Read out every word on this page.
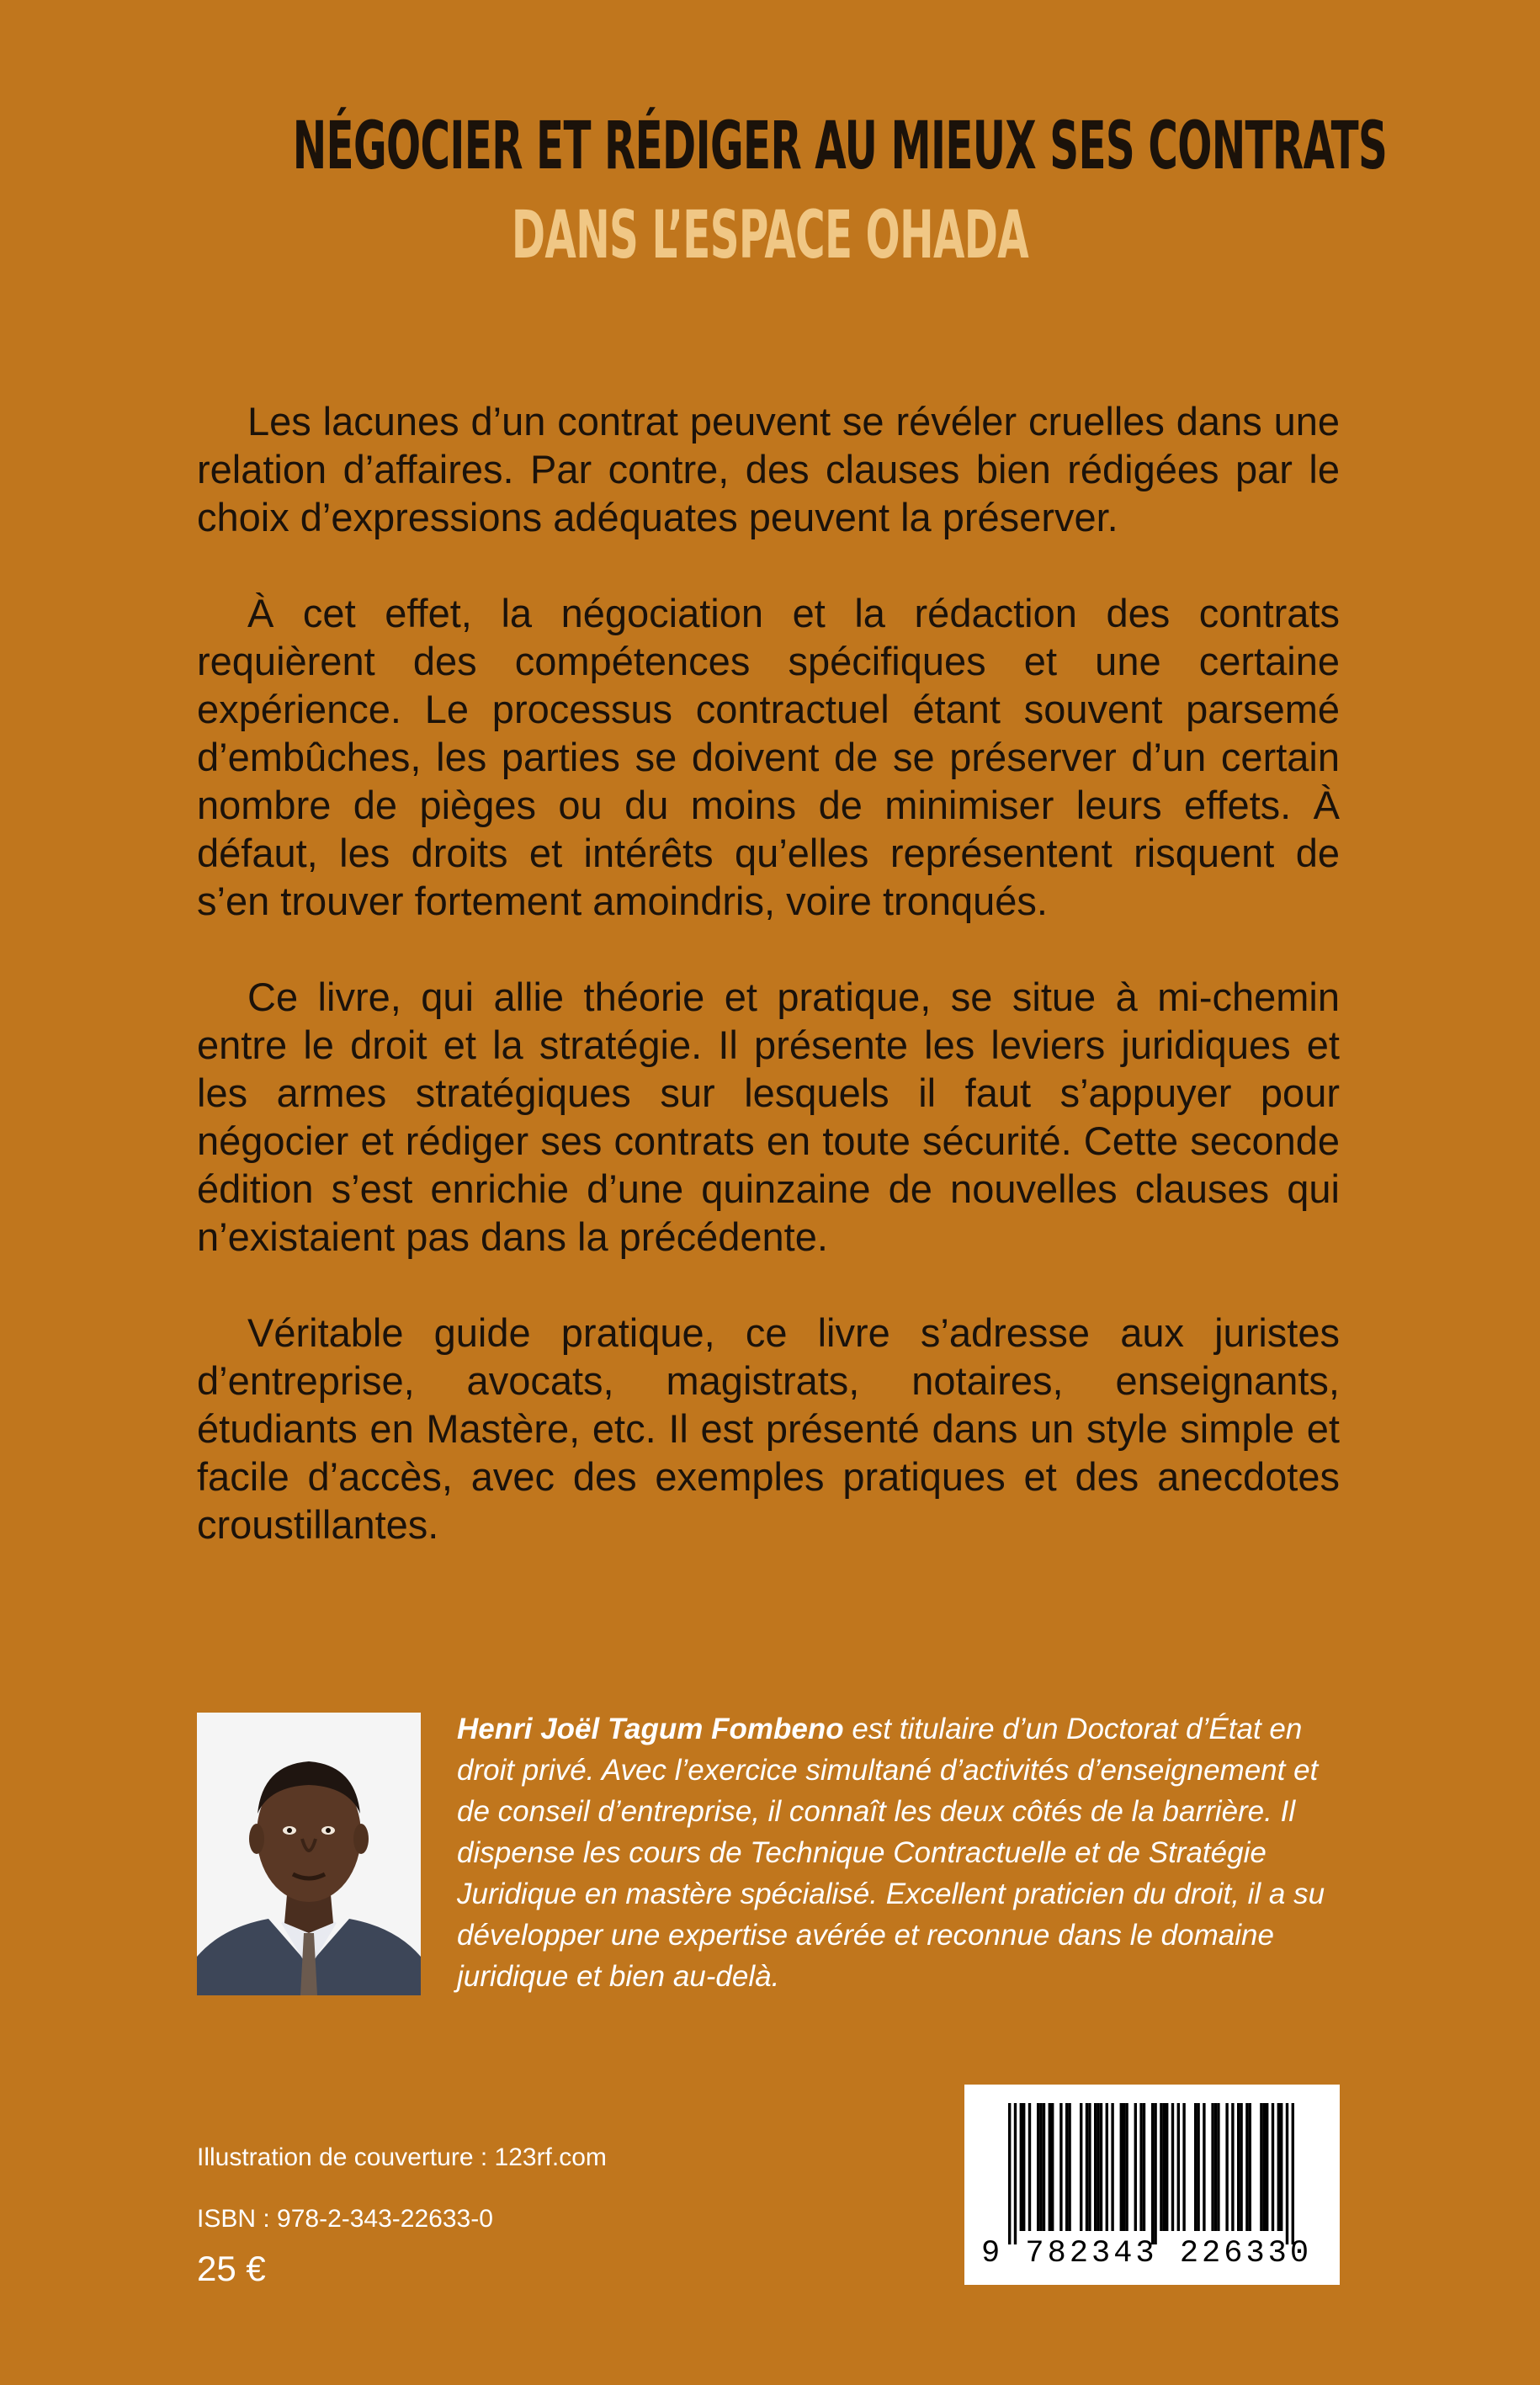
NÉGOCIER ET RÉDIGER AU MIEUX SES CONTRATS
DANS L’ESPACE OHADA

Les lacunes d’un contrat peuvent se révéler cruelles dans une relation d’affaires. Par contre, des clauses bien rédigées par le choix d’expressions adéquates peuvent la préserver.

À cet effet, la négociation et la rédaction des contrats requièrent des compétences spécifiques et une certaine expérience. Le processus contractuel étant souvent parsemé d’embûches, les parties se doivent de se préserver d’un certain nombre de pièges ou du moins de minimiser leurs effets. À défaut, les droits et intérêts qu’elles représentent risquent de s’en trouver fortement amoindris, voire tronqués.

Ce livre, qui allie théorie et pratique, se situe à mi-chemin entre le droit et la stratégie. Il présente les leviers juridiques et les armes stratégiques sur lesquels il faut s’appuyer pour négocier et rédiger ses contrats en toute sécurité. Cette seconde édition s’est enrichie d’une quinzaine de nouvelles clauses qui n’existaient pas dans la précédente.

Véritable guide pratique, ce livre s’adresse aux juristes d’entreprise, avocats, magistrats, notaires, enseignants, étudiants en Mastère, etc. Il est présenté dans un style simple et facile d’accès, avec des exemples pratiques et des anecdotes croustillantes.

Henri Joël Tagum Fombeno est titulaire d’un Doctorat d’État en droit privé. Avec l’exercice simultané d’activités d’enseignement et de conseil d’entreprise, il connaît les deux côtés de la barrière. Il dispense les cours de Technique Contractuelle et de Stratégie Juridique en mastère spécialisé. Excellent praticien du droit, il a su développer une expertise avérée et reconnue dans le domaine juridique et bien au-delà.
Illustration de couverture : 123rf.com
ISBN : 978-2-343-22633-0
25 €	9 782343 226330
